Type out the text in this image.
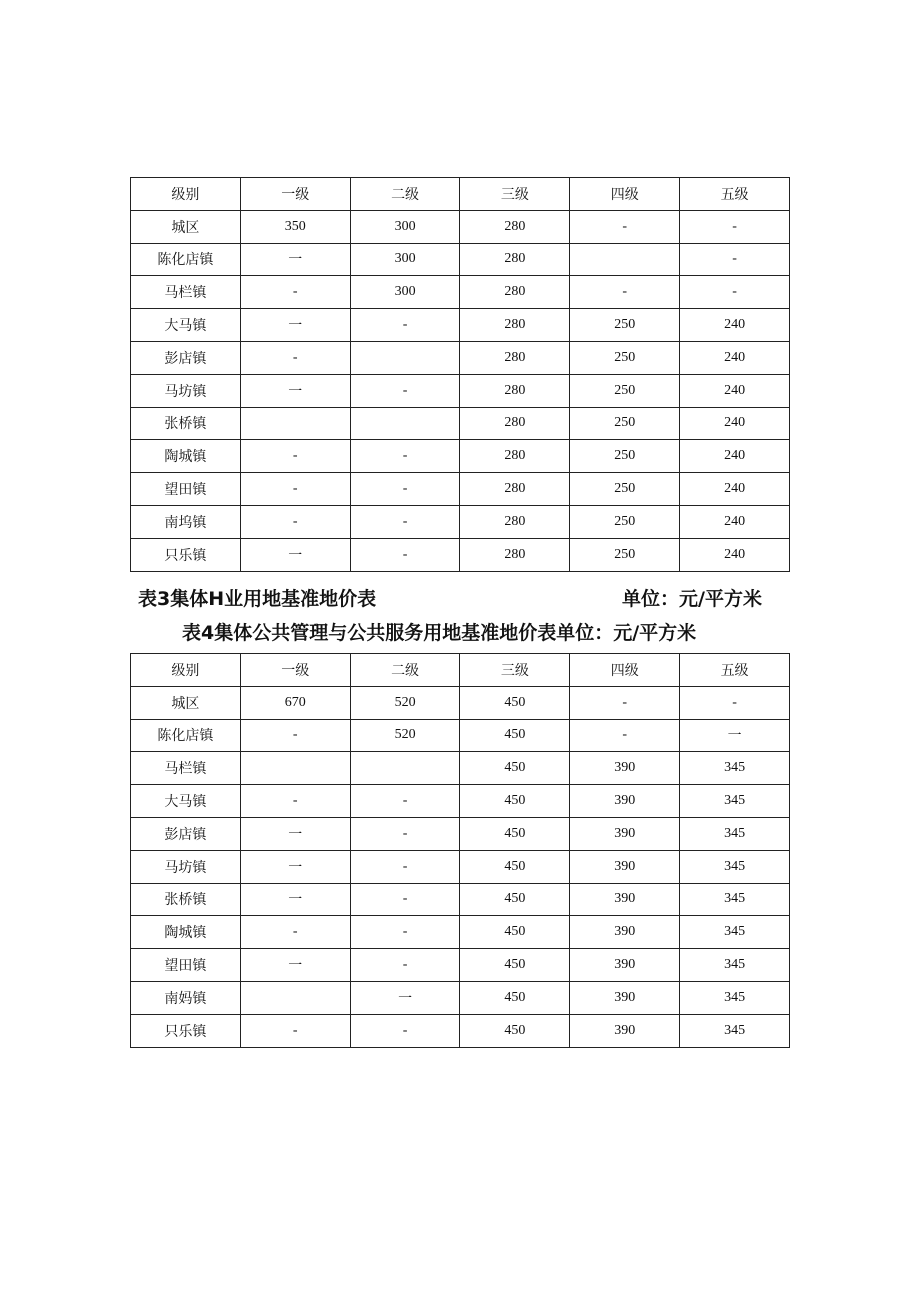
级别	一级	二级	三级	四级	五级
城区	350	300	280	-	-
陈化店镇	一	300	280		-
马栏镇	-	300	280	-	-
大马镇	一	-	280	250	240
彭店镇	-		280	250	240
马坊镇	一	-	280	250	240
张桥镇			280	250	240
陶城镇	-	-	280	250	240
望田镇	-	-	280	250	240
南坞镇	-	-	280	250	240
只乐镇	一	-	280	250	240
表3集体H业用地基准地价表	单位：元/平方米
表4集体公共管理与公共服务用地基准地价表单位：元/平方米
级别	一级	二级	三级	四级	五级
城区	670	520	450	-	-
陈化店镇	-	520	450	-	一
马栏镇			450	390	345
大马镇	-	-	450	390	345
彭店镇	一	-	450	390	345
马坊镇	一	-	450	390	345
张桥镇	一	-	450	390	345
陶城镇	-	-	450	390	345
望田镇	一	-	450	390	345
南妈镇		一	450	390	345
只乐镇	-	-	450	390	345
